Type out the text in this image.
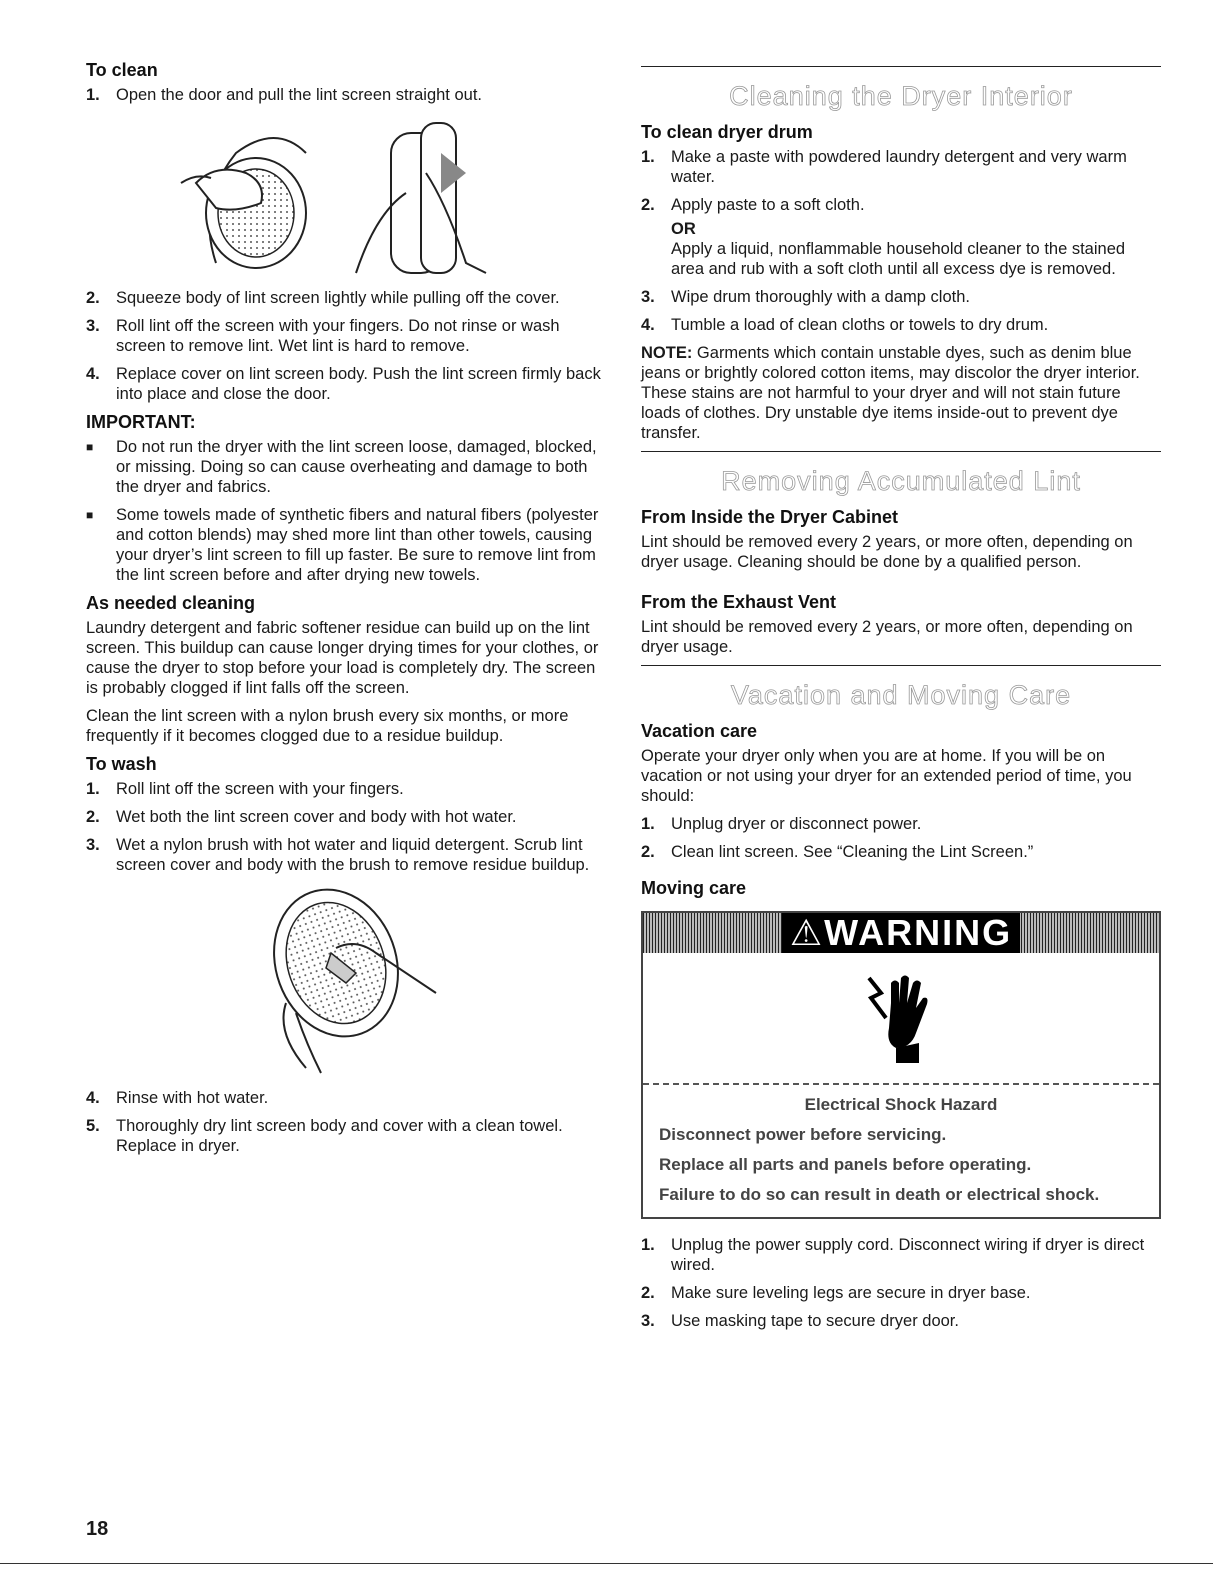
To clean
1. Open the door and pull the lint screen straight out.
2. Squeeze body of lint screen lightly while pulling off the cover.
3. Roll lint off the screen with your fingers. Do not rinse or wash screen to remove lint. Wet lint is hard to remove.
4. Replace cover on lint screen body. Push the lint screen firmly back into place and close the door.
IMPORTANT:
■ Do not run the dryer with the lint screen loose, damaged, blocked, or missing. Doing so can cause overheating and damage to both the dryer and fabrics.
■ Some towels made of synthetic fibers and natural fibers (polyester and cotton blends) may shed more lint than other towels, causing your dryer’s lint screen to fill up faster. Be sure to remove lint from the lint screen before and after drying new towels.
As needed cleaning

Laundry detergent and fabric softener residue can build up on the lint screen. This buildup can cause longer drying times for your clothes, or cause the dryer to stop before your load is completely dry. The screen is probably clogged if lint falls off the screen.

Clean the lint screen with a nylon brush every six months, or more frequently if it becomes clogged due to a residue buildup.

To wash
1. Roll lint off the screen with your fingers.
2. Wet both the lint screen cover and body with hot water.
3. Wet a nylon brush with hot water and liquid detergent. Scrub lint screen cover and body with the brush to remove residue buildup.
4. Rinse with hot water.
5. Thoroughly dry lint screen body and cover with a clean towel. Replace in dryer.
Cleaning the Dryer Interior
To clean dryer drum
1. Make a paste with powdered laundry detergent and very warm water.
2. Apply paste to a soft cloth.
OR
Apply a liquid, nonflammable household cleaner to the stained area and rub with a soft cloth until all excess dye is removed.
3. Wipe drum thoroughly with a damp cloth.
4. Tumble a load of clean cloths or towels to dry drum.

NOTE: Garments which contain unstable dyes, such as denim blue jeans or brightly colored cotton items, may discolor the dryer interior. These stains are not harmful to your dryer and will not stain future loads of clothes. Dry unstable dye items inside-out to prevent dye transfer.

Removing Accumulated Lint
From Inside the Dryer Cabinet

Lint should be removed every 2 years, or more often, depending on dryer usage. Cleaning should be done by a qualified person.

From the Exhaust Vent

Lint should be removed every 2 years, or more often, depending on dryer usage.

Vacation and Moving Care
Vacation care

Operate your dryer only when you are at home. If you will be on vacation or not using your dryer for an extended period of time, you should:

1. Unplug dryer or disconnect power.
2. Clean lint screen. See “Cleaning the Lint Screen.”
Moving care
⚠WARNING
Electrical Shock Hazard
Disconnect power before servicing.
Replace all parts and panels before operating.
Failure to do so can result in death or electrical shock.
1. Unplug the power supply cord. Disconnect wiring if dryer is direct wired.
2. Make sure leveling legs are secure in dryer base.
3. Use masking tape to secure dryer door.
18
